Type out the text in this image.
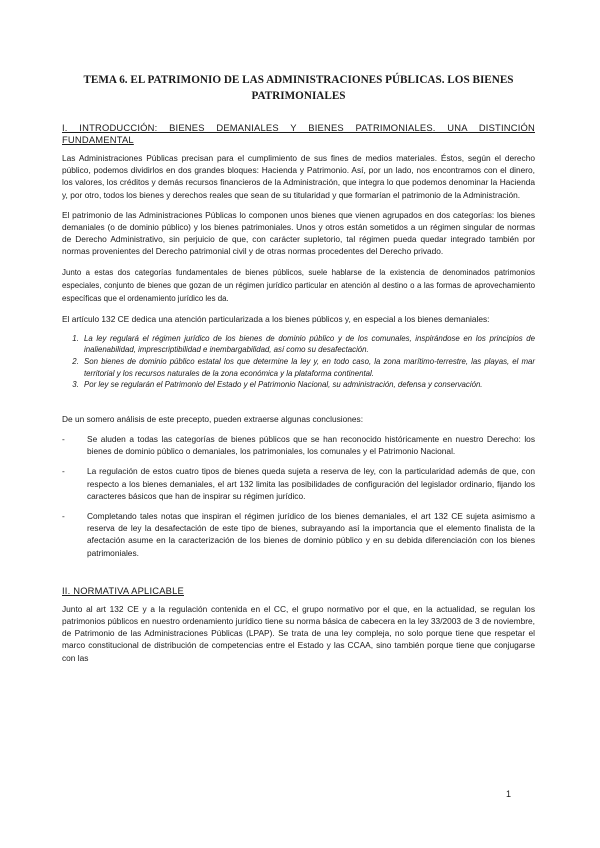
TEMA 6. EL PATRIMONIO DE LAS ADMINISTRACIONES PÚBLICAS. LOS BIENES PATRIMONIALES
I. INTRODUCCIÓN: BIENES DEMANIALES Y BIENES PATRIMONIALES. UNA DISTINCIÓN FUNDAMENTAL

Las Administraciones Públicas precisan para el cumplimiento de sus fines de medios materiales. Éstos, según el derecho público, podemos dividirlos en dos grandes bloques: Hacienda y Patrimonio. Así, por un lado, nos encontramos con el dinero, los valores, los créditos y demás recursos financieros de la Administración, que integra lo que podemos denominar la Hacienda y, por otro, todos los bienes y derechos reales que sean de su titularidad y que formarían el patrimonio de la Administración.

El patrimonio de las Administraciones Públicas lo componen unos bienes que vienen agrupados en dos categorías: los bienes demaniales (o de dominio público) y los bienes patrimoniales. Unos y otros están sometidos a un régimen singular de normas de Derecho Administrativo, sin perjuicio de que, con carácter supletorio, tal régimen pueda quedar integrado también por normas provenientes del Derecho patrimonial civil y de otras normas procedentes del Derecho privado.

Junto a estas dos categorías fundamentales de bienes públicos, suele hablarse de la existencia de denominados patrimonios especiales, conjunto de bienes que gozan de un régimen jurídico particular en atención al destino o a las formas de aprovechamiento específicas que el ordenamiento jurídico les da.

El artículo 132 CE dedica una atención particularizada a los bienes públicos y, en especial a los bienes demaniales:

1. La ley regulará el régimen jurídico de los bienes de dominio público y de los comunales, inspirándose en los principios de inalienabilidad, imprescriptibilidad e inembargabilidad, así como su desafectación.
2. Son bienes de dominio público estatal los que determine la ley y, en todo caso, la zona marítimo-terrestre, las playas, el mar territorial y los recursos naturales de la zona económica y la plataforma continental.
3. Por ley se regularán el Patrimonio del Estado y el Patrimonio Nacional, su administración, defensa y conservación.

De un somero análisis de este precepto, pueden extraerse algunas conclusiones:

-	Se aluden a todas las categorías de bienes públicos que se han reconocido históricamente en nuestro Derecho: los bienes de dominio público o demaniales, los patrimoniales, los comunales y el Patrimonio Nacional.
-	La regulación de estos cuatro tipos de bienes queda sujeta a reserva de ley, con la particularidad además de que, con respecto a los bienes demaniales, el art 132 limita las posibilidades de configuración del legislador ordinario, fijando los caracteres básicos que han de inspirar su régimen jurídico.
-	Completando tales notas que inspiran el régimen jurídico de los bienes demaniales, el art 132 CE sujeta asimismo a reserva de ley la desafectación de este tipo de bienes, subrayando así la importancia que el elemento finalista de la afectación asume en la caracterización de los bienes de dominio público y en su debida diferenciación con los bienes patrimoniales.
II. NORMATIVA APLICABLE

Junto al art 132 CE y a la regulación contenida en el CC, el grupo normativo por el que, en la actualidad, se regulan los patrimonios públicos en nuestro ordenamiento jurídico tiene su norma básica de cabecera en la ley 33/2003 de 3 de noviembre, de Patrimonio de las Administraciones Públicas (LPAP). Se trata de una ley compleja, no solo porque tiene que respetar el marco constitucional de distribución de competencias entre el Estado y las CCAA, sino también porque tiene que conjugarse con las

1
